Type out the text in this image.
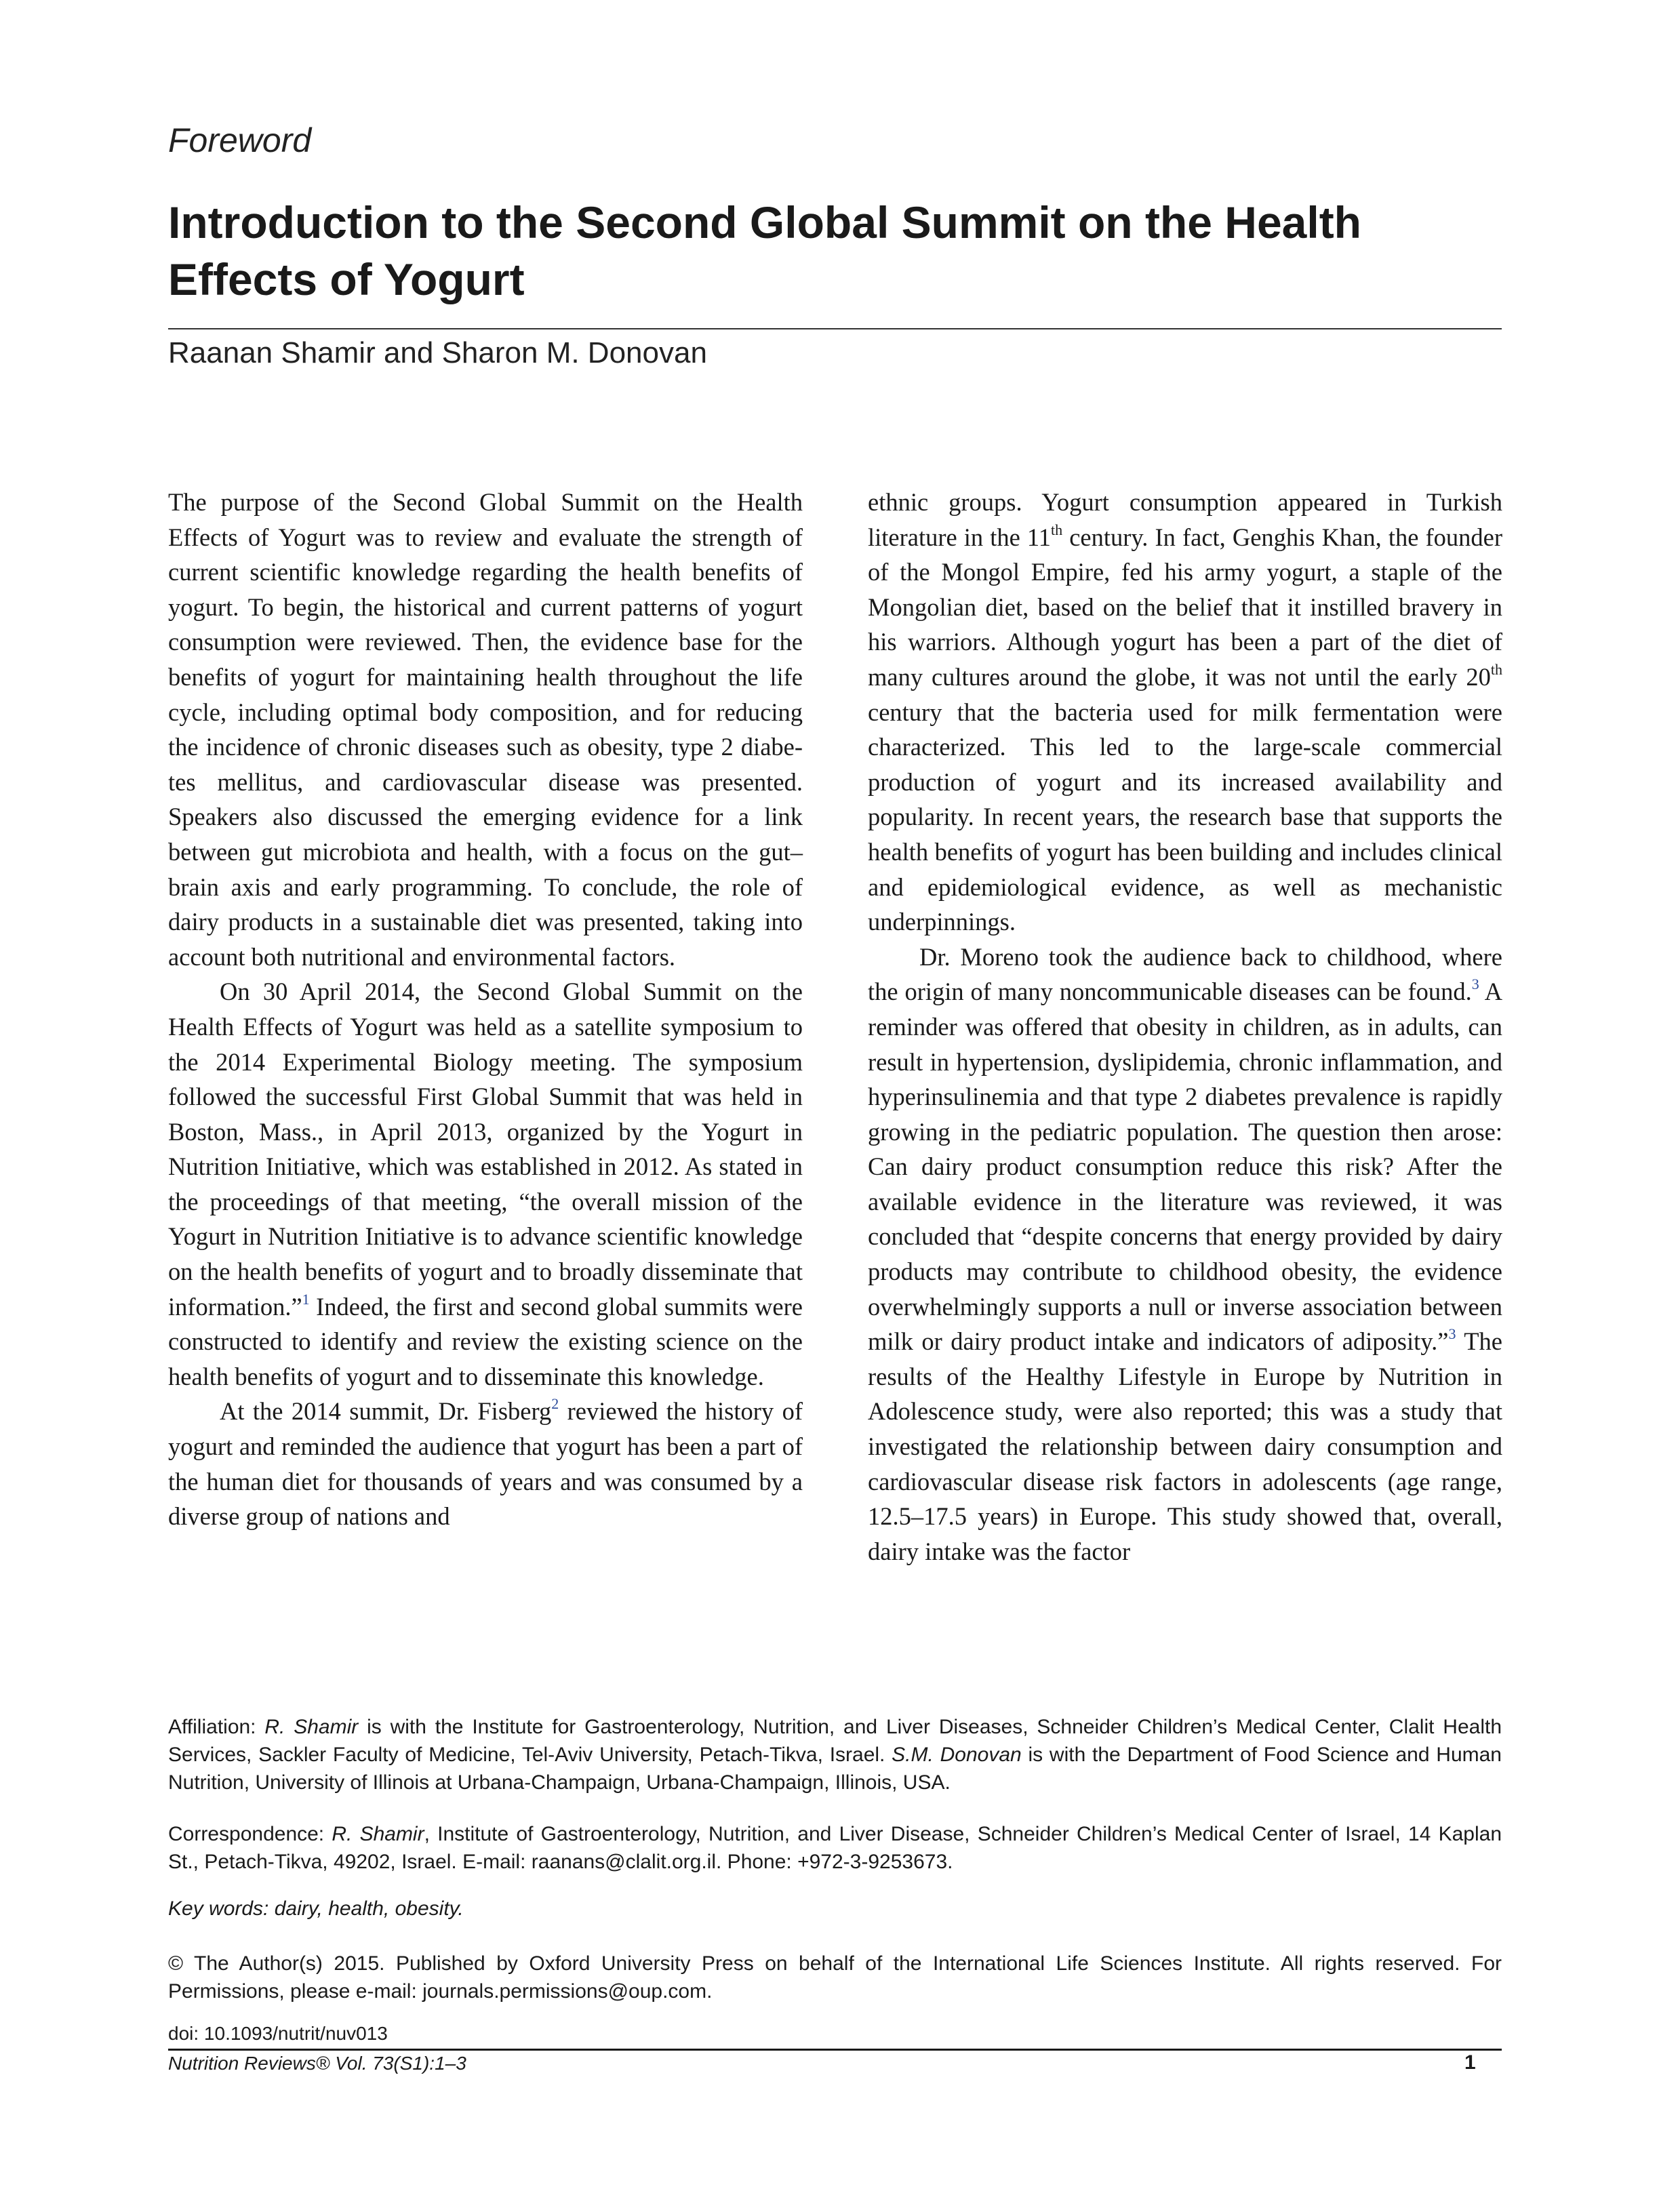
Foreword
Introduction to the Second Global Summit on the Health Effects of Yogurt
Raanan Shamir and Sharon M. Donovan

The purpose of the Second Global Summit on the Health Effects of Yogurt was to review and evaluate the strength of current scientific knowledge regarding the health benefits of yogurt. To begin, the historical and current patterns of yogurt consumption were reviewed. Then, the evidence base for the benefits of yogurt for maintaining health throughout the life cycle, including optimal body composition, and for reducing the incidence of chronic diseases such as obesity, type 2 diabetes mellitus, and cardiovascular disease was presented. Speakers also discussed the emerging evidence for a link between gut microbiota and health, with a focus on the gut–brain axis and early programming. To conclude, the role of dairy products in a sustainable diet was presented, taking into account both nutritional and environmental factors.

On 30 April 2014, the Second Global Summit on the Health Effects of Yogurt was held as a satellite symposium to the 2014 Experimental Biology meeting. The symposium followed the successful First Global Summit that was held in Boston, Mass., in April 2013, organized by the Yogurt in Nutrition Initiative, which was established in 2012. As stated in the proceedings of that meeting, “the overall mission of the Yogurt in Nutrition Initiative is to advance scientific knowledge on the health benefits of yogurt and to broadly disseminate that information.”$^1$ Indeed, the first and second global summits were constructed to identify and review the existing science on the health benefits of yogurt and to disseminate this knowledge.

At the 2014 summit, Dr. Fisberg$^2$ reviewed the history of yogurt and reminded the audience that yogurt has been a part of the human diet for thousands of years and was consumed by a diverse group of nations and

ethnic groups. Yogurt consumption appeared in Turkish literature in the 11th century. In fact, Genghis Khan, the founder of the Mongol Empire, fed his army yogurt, a staple of the Mongolian diet, based on the belief that it instilled bravery in his warriors. Although yogurt has been a part of the diet of many cultures around the globe, it was not until the early 20th century that the bacteria used for milk fermentation were characterized. This led to the large-scale commercial production of yogurt and its increased availability and popularity. In recent years, the research base that supports the health benefits of yogurt has been building and includes clinical and epidemiological evidence, as well as mechanistic underpinnings.

Dr. Moreno took the audience back to childhood, where the origin of many noncommunicable diseases can be found.$^3$ A reminder was offered that obesity in children, as in adults, can result in hypertension, dyslipidemia, chronic inflammation, and hyperinsulinemia and that type 2 diabetes prevalence is rapidly growing in the pediatric population. The question then arose: Can dairy product consumption reduce this risk? After the available evidence in the literature was reviewed, it was concluded that “despite concerns that energy provided by dairy products may contribute to childhood obesity, the evidence overwhelmingly supports a null or inverse association between milk or dairy product intake and indicators of adiposity.”$^3$ The results of the Healthy Lifestyle in Europe by Nutrition in Adolescence study, were also reported; this was a study that investigated the relationship between dairy consumption and cardiovascular disease risk factors in adolescents (age range, 12.5–17.5 years) in Europe. This study showed that, overall, dairy intake was the factor

Affiliation: R. Shamir is with the Institute for Gastroenterology, Nutrition, and Liver Diseases, Schneider Children’s Medical Center, Clalit Health Services, Sackler Faculty of Medicine, Tel-Aviv University, Petach-Tikva, Israel. S.M. Donovan is with the Department of Food Science and Human Nutrition, University of Illinois at Urbana-Champaign, Urbana-Champaign, Illinois, USA.

Correspondence: R. Shamir, Institute of Gastroenterology, Nutrition, and Liver Disease, Schneider Children’s Medical Center of Israel, 14 Kaplan St., Petach-Tikva, 49202, Israel. E-mail: raanans@clalit.org.il. Phone: +972-3-9253673.

Key words: dairy, health, obesity.

© The Author(s) 2015. Published by Oxford University Press on behalf of the International Life Sciences Institute. All rights reserved. For Permissions, please e-mail: journals.permissions@oup.com.

doi: 10.1093/nutrit/nuv013
Nutrition Reviews® Vol. 73(S1):1–3	1
